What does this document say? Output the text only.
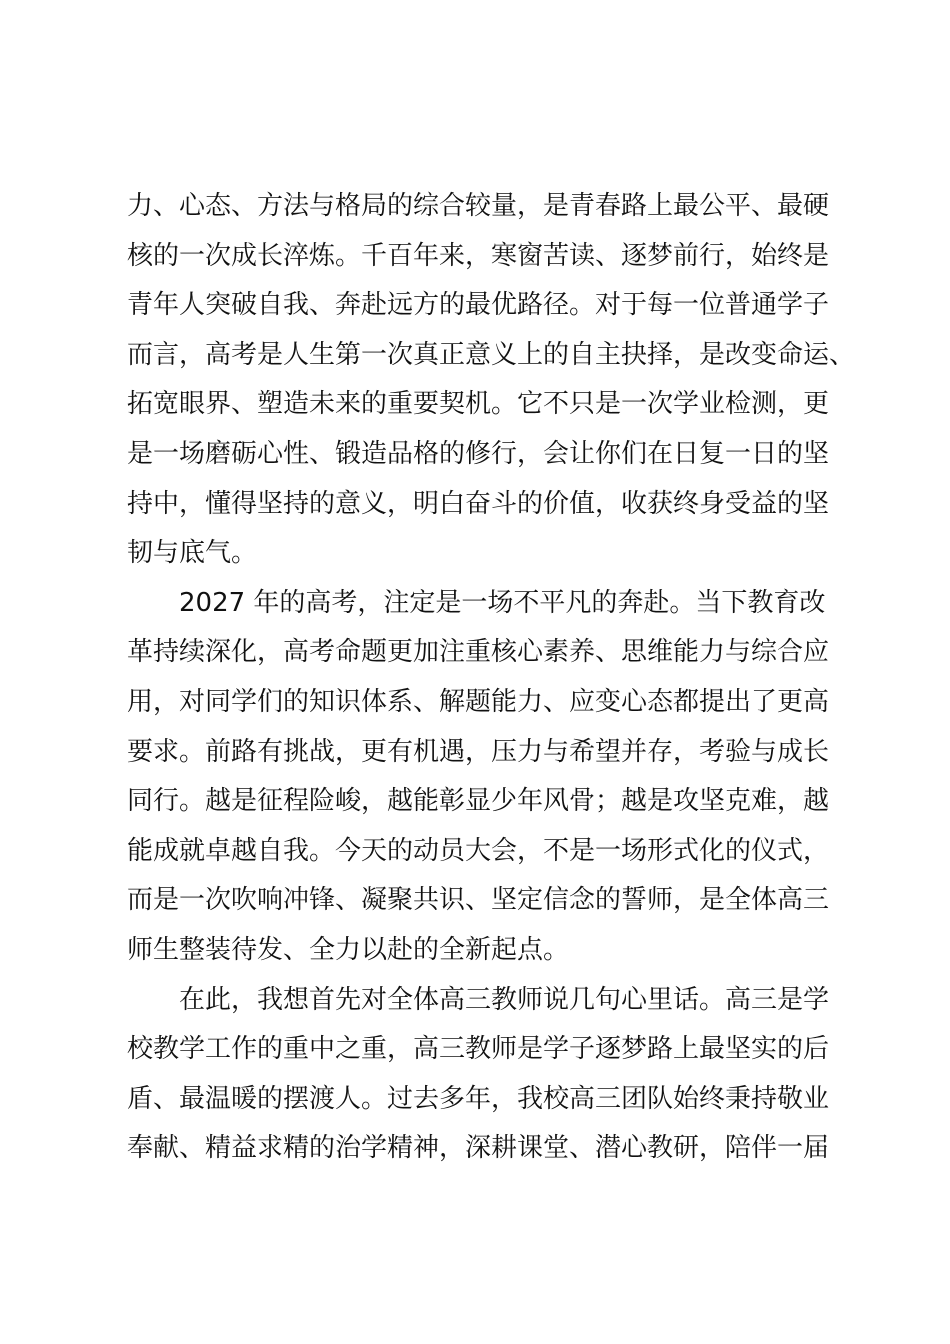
力、心态、方法与格局的综合较量，是青春路上最公平、最硬
核的一次成长淬炼。千百年来，寒窗苦读、逐梦前行，始终是
青年人突破自我、奔赴远方的最优路径。对于每一位普通学子
而言，高考是人生第一次真正意义上的自主抉择，是改变命运、
拓宽眼界、塑造未来的重要契机。它不只是一次学业检测，更
是一场磨砺心性、锻造品格的修行，会让你们在日复一日的坚
持中，懂得坚持的意义，明白奋斗的价值，收获终身受益的坚
韧与底气。
2027 年的高考，注定是一场不平凡的奔赴。当下教育改
革持续深化，高考命题更加注重核心素养、思维能力与综合应
用，对同学们的知识体系、解题能力、应变心态都提出了更高
要求。前路有挑战，更有机遇，压力与希望并存，考验与成长
同行。越是征程险峻，越能彰显少年风骨；越是攻坚克难，越
能成就卓越自我。今天的动员大会，不是一场形式化的仪式，
而是一次吹响冲锋、凝聚共识、坚定信念的誓师，是全体高三
师生整装待发、全力以赴的全新起点。
在此，我想首先对全体高三教师说几句心里话。高三是学
校教学工作的重中之重，高三教师是学子逐梦路上最坚实的后
盾、最温暖的摆渡人。过去多年，我校高三团队始终秉持敬业
奉献、精益求精的治学精神，深耕课堂、潜心教研，陪伴一届
